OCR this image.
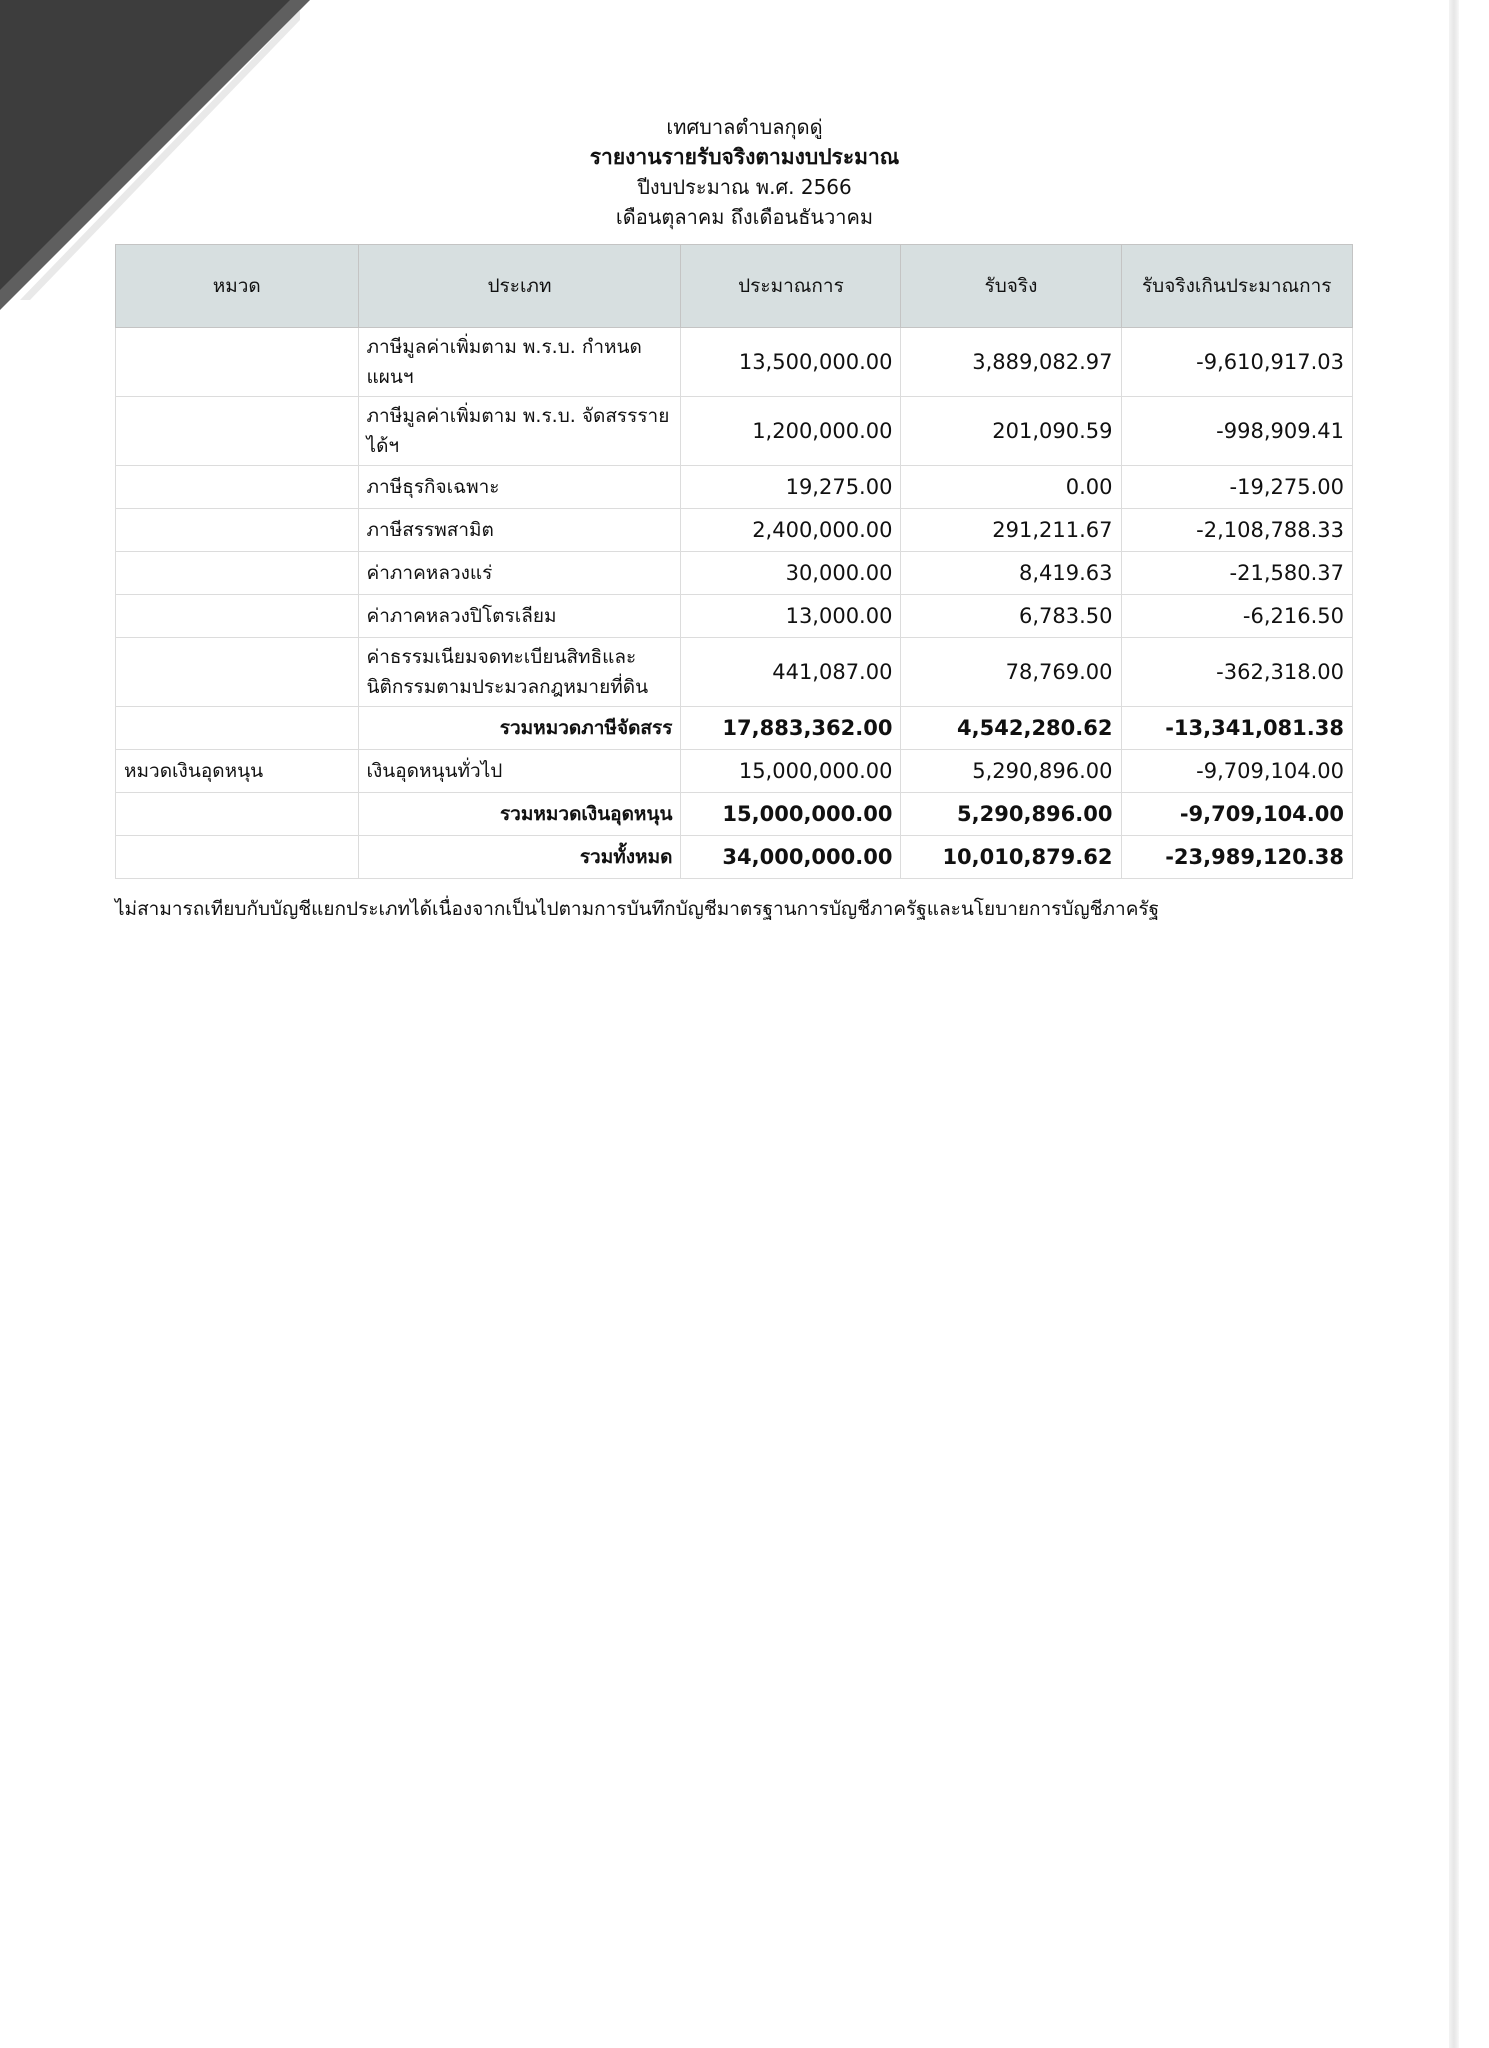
เทศบาลตำบลกุดดู่
รายงานรายรับจริงตามงบประมาณ
ปีงบประมาณ พ.ศ. 2566
เดือนตุลาคม ถึงเดือนธันวาคม
หมวด	ประเภท	ประมาณการ	รับจริง	รับจริงเกินประมาณการ
	ภาษีมูลค่าเพิ่มตาม พ.ร.บ. กำหนดแผนฯ	13,500,000.00	3,889,082.97	-9,610,917.03
	ภาษีมูลค่าเพิ่มตาม พ.ร.บ. จัดสรรรายได้ฯ	1,200,000.00	201,090.59	-998,909.41
	ภาษีธุรกิจเฉพาะ	19,275.00	0.00	-19,275.00
	ภาษีสรรพสามิต	2,400,000.00	291,211.67	-2,108,788.33
	ค่าภาคหลวงแร่	30,000.00	8,419.63	-21,580.37
	ค่าภาคหลวงปิโตรเลียม	13,000.00	6,783.50	-6,216.50
	ค่าธรรมเนียมจดทะเบียนสิทธิและนิติกรรมตามประมวลกฎหมายที่ดิน	441,087.00	78,769.00	-362,318.00
	รวมหมวดภาษีจัดสรร	17,883,362.00	4,542,280.62	-13,341,081.38
หมวดเงินอุดหนุน	เงินอุดหนุนทั่วไป	15,000,000.00	5,290,896.00	-9,709,104.00
	รวมหมวดเงินอุดหนุน	15,000,000.00	5,290,896.00	-9,709,104.00
	รวมทั้งหมด	34,000,000.00	10,010,879.62	-23,989,120.38
ไม่สามารถเทียบกับบัญชีแยกประเภทได้เนื่องจากเป็นไปตามการบันทึกบัญชีมาตรฐานการบัญชีภาครัฐและนโยบายการบัญชีภาครัฐ
